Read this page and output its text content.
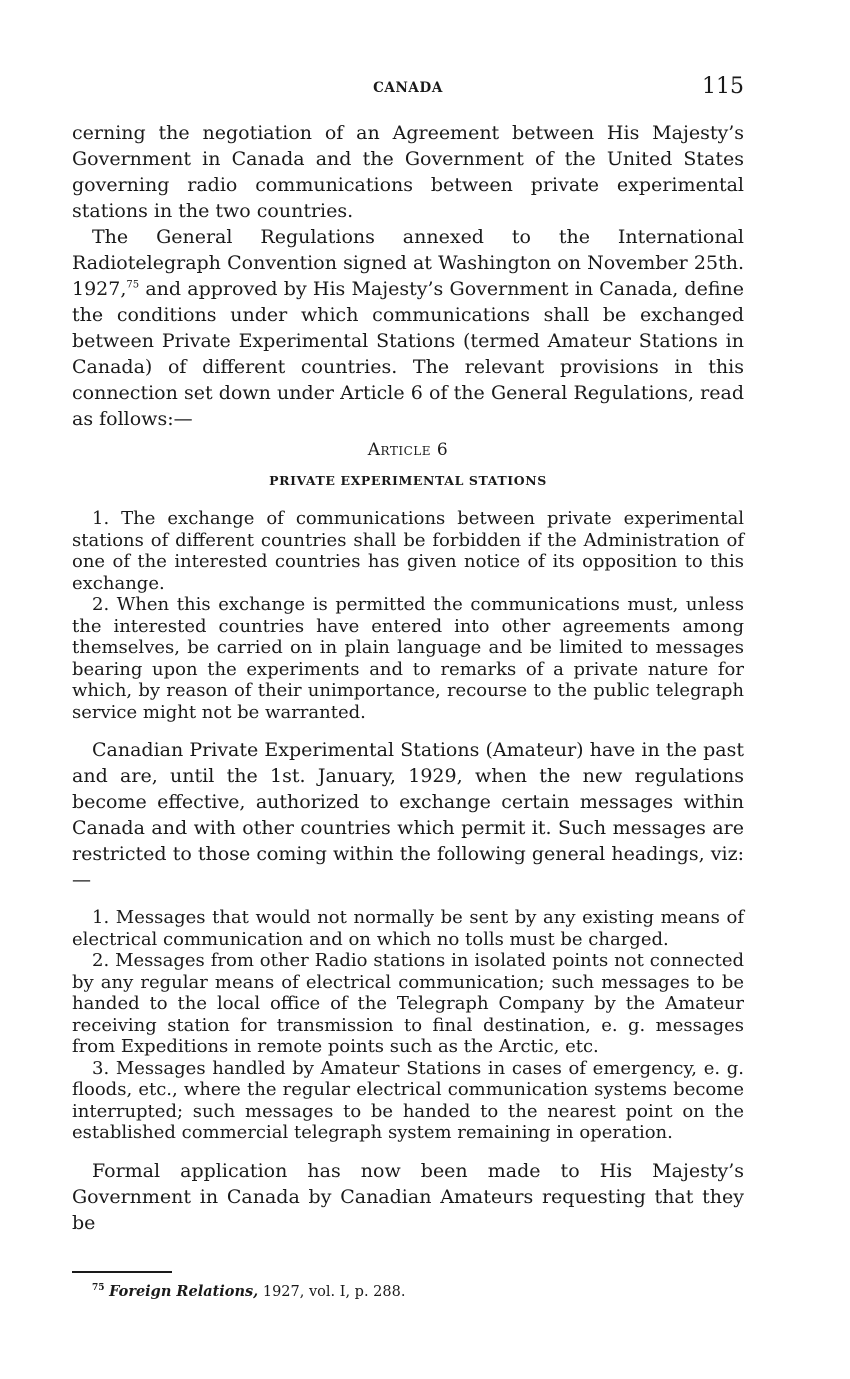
CANADA	115

cerning the negotiation of an Agreement between His Majesty’s Government in Canada and the Government of the United States governing radio communications between private experimental stations in the two countries.

The General Regulations annexed to the International Radiotelegraph Convention signed at Washington on November 25th. 1927,75 and approved by His Majesty’s Government in Canada, define the conditions under which communications shall be exchanged between Private Experimental Stations (termed Amateur Stations in Canada) of different countries. The relevant provisions in this connection set down under Article 6 of the General Regulations, read as follows:—

Article 6
PRIVATE EXPERIMENTAL STATIONS

1. The exchange of communications between private experimental stations of different countries shall be forbidden if the Administration of one of the interested countries has given notice of its opposition to this exchange.

2. When this exchange is permitted the communications must, unless the interested countries have entered into other agreements among themselves, be carried on in plain language and be limited to messages bearing upon the experiments and to remarks of a private nature for which, by reason of their unimportance, recourse to the public telegraph service might not be warranted.

Canadian Private Experimental Stations (Amateur) have in the past and are, until the 1st. January, 1929, when the new regulations become effective, authorized to exchange certain messages within Canada and with other countries which permit it. Such messages are restricted to those coming within the following general headings, viz:—

1. Messages that would not normally be sent by any existing means of electrical communication and on which no tolls must be charged.

2. Messages from other Radio stations in isolated points not connected by any regular means of electrical communication; such messages to be handed to the local office of the Telegraph Company by the Amateur receiving station for transmission to final destination, e. g. messages from Expeditions in remote points such as the Arctic, etc.

3. Messages handled by Amateur Stations in cases of emergency, e. g. floods, etc., where the regular electrical communication systems become interrupted; such messages to be handed to the nearest point on the established commercial telegraph system remaining in operation.

Formal application has now been made to His Majesty’s Government in Canada by Canadian Amateurs requesting that they be

$^{75}$ Foreign Relations, 1927, vol. I, p. 288.
